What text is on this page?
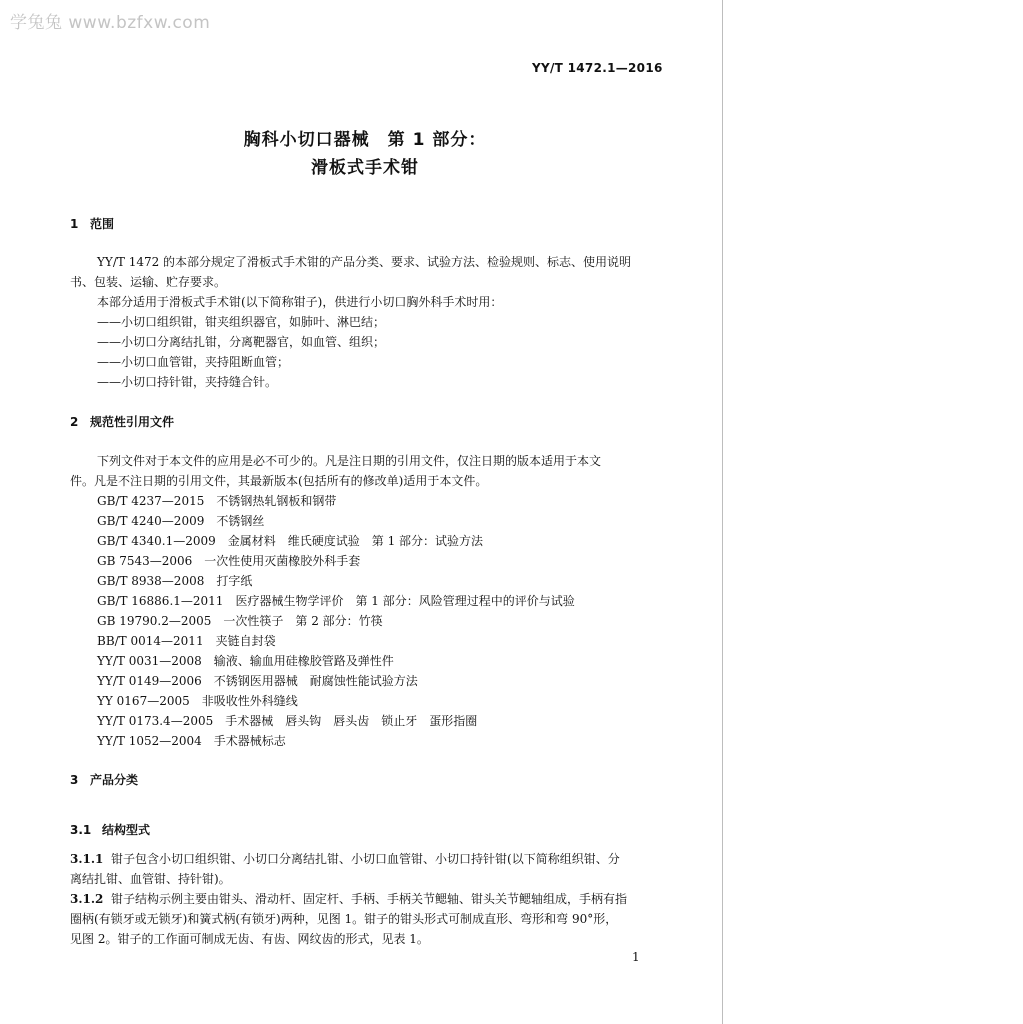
学兔兔 www.bzfxw.com
YY/T 1472.1—2016
胸科小切口器械　第 1 部分：
滑板式手术钳
1 范围
YY/T 1472 的本部分规定了滑板式手术钳的产品分类、要求、试验方法、检验规则、标志、使用说明
书、包装、运输、贮存要求。
本部分适用于滑板式手术钳(以下简称钳子)，供进行小切口胸外科手术时用：
——小切口组织钳，钳夹组织器官，如肺叶、淋巴结；
——小切口分离结扎钳，分离靶器官，如血管、组织；
——小切口血管钳，夹持阻断血管；
——小切口持针钳，夹持缝合针。
2 规范性引用文件
下列文件对于本文件的应用是必不可少的。凡是注日期的引用文件，仅注日期的版本适用于本文
件。凡是不注日期的引用文件，其最新版本(包括所有的修改单)适用于本文件。
GB/T 4237—2015 不锈钢热轧钢板和钢带
GB/T 4240—2009 不锈钢丝
GB/T 4340.1—2009 金属材料　维氏硬度试验　第 1 部分：试验方法
GB 7543—2006 一次性使用灭菌橡胶外科手套
GB/T 8938—2008 打字纸
GB/T 16886.1—2011 医疗器械生物学评价　第 1 部分：风险管理过程中的评价与试验
GB 19790.2—2005 一次性筷子　第 2 部分：竹筷
BB/T 0014—2011 夹链自封袋
YY/T 0031—2008 输液、输血用硅橡胶管路及弹性件
YY/T 0149—2006 不锈钢医用器械　耐腐蚀性能试验方法
YY 0167—2005 非吸收性外科缝线
YY/T 0173.4—2005 手术器械　唇头钩　唇头齿　锁止牙　蛋形指圈
YY/T 1052—2004 手术器械标志
3 产品分类
3.1 结构型式
3.1.1 钳子包含小切口组织钳、小切口分离结扎钳、小切口血管钳、小切口持针钳(以下简称组织钳、分
离结扎钳、血管钳、持针钳)。
3.1.2 钳子结构示例主要由钳头、滑动杆、固定杆、手柄、手柄关节鳃轴、钳头关节鳃轴组成，手柄有指
圈柄(有锁牙或无锁牙)和簧式柄(有锁牙)两种，见图 1。钳子的钳头形式可制成直形、弯形和弯 90°形，
见图 2。钳子的工作面可制成无齿、有齿、网纹齿的形式，见表 1。
1
